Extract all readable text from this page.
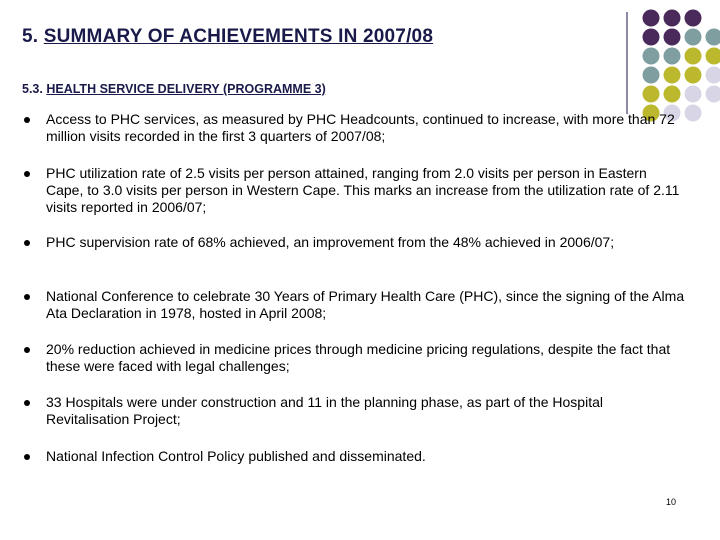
5. SUMMARY OF ACHIEVEMENTS IN 2007/08
5.3. HEALTH SERVICE DELIVERY (PROGRAMME 3)
Access to PHC services, as measured by PHC Headcounts, continued to increase, with more than 72 million visits recorded in the first 3 quarters of 2007/08;
PHC utilization rate of 2.5 visits per person attained, ranging from 2.0 visits per person in Eastern Cape, to 3.0 visits per person in Western Cape. This marks an increase from the utilization rate of 2.11 visits reported in 2006/07;
PHC supervision rate of 68% achieved, an improvement from the 48% achieved in 2006/07;
National Conference to celebrate 30 Years of Primary Health Care (PHC), since the signing of the Alma Ata Declaration in 1978, hosted in April 2008;
20% reduction achieved in medicine prices through medicine pricing regulations, despite the fact that these were faced with legal challenges;
33 Hospitals were under construction and 11 in the planning phase, as part of the Hospital Revitalisation Project;
National Infection Control Policy published and disseminated.
10
